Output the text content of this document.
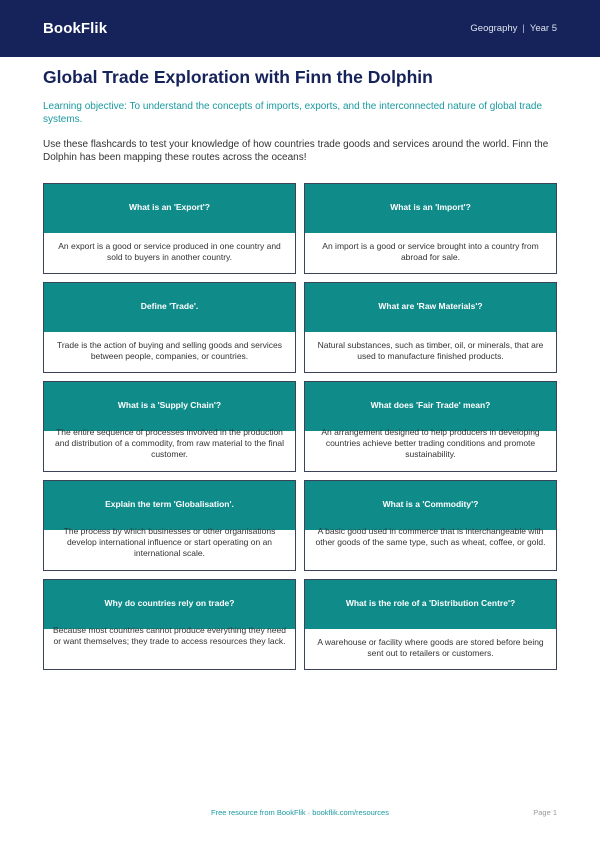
BookFlik	Geography | Year 5
Global Trade Exploration with Finn the Dolphin

Learning objective: To understand the concepts of imports, exports, and the interconnected nature of global trade systems.

Use these flashcards to test your knowledge of how countries trade goods and services around the world. Finn the Dolphin has been mapping these routes across the oceans!

What is an 'Export'?
An export is a good or service produced in one country and sold to buyers in another country.
What is an 'Import'?
An import is a good or service brought into a country from abroad for sale.
Define 'Trade'.
Trade is the action of buying and selling goods and services between people, companies, or countries.
What are 'Raw Materials'?
Natural substances, such as timber, oil, or minerals, that are used to manufacture finished products.
What is a 'Supply Chain'?
The entire sequence of processes involved in the production and distribution of a commodity, from raw material to the final customer.
What does 'Fair Trade' mean?
An arrangement designed to help producers in developing countries achieve better trading conditions and promote sustainability.
Explain the term 'Globalisation'.
The process by which businesses or other organisations develop international influence or start operating on an international scale.
What is a 'Commodity'?
A basic good used in commerce that is interchangeable with other goods of the same type, such as wheat, coffee, or gold.
Why do countries rely on trade?
Because most countries cannot produce everything they need or want themselves; they trade to access resources they lack.
What is the role of a 'Distribution Centre'?
A warehouse or facility where goods are stored before being sent out to retailers or customers.
Free resource from BookFlik · bookflik.com/resources	Page 1
